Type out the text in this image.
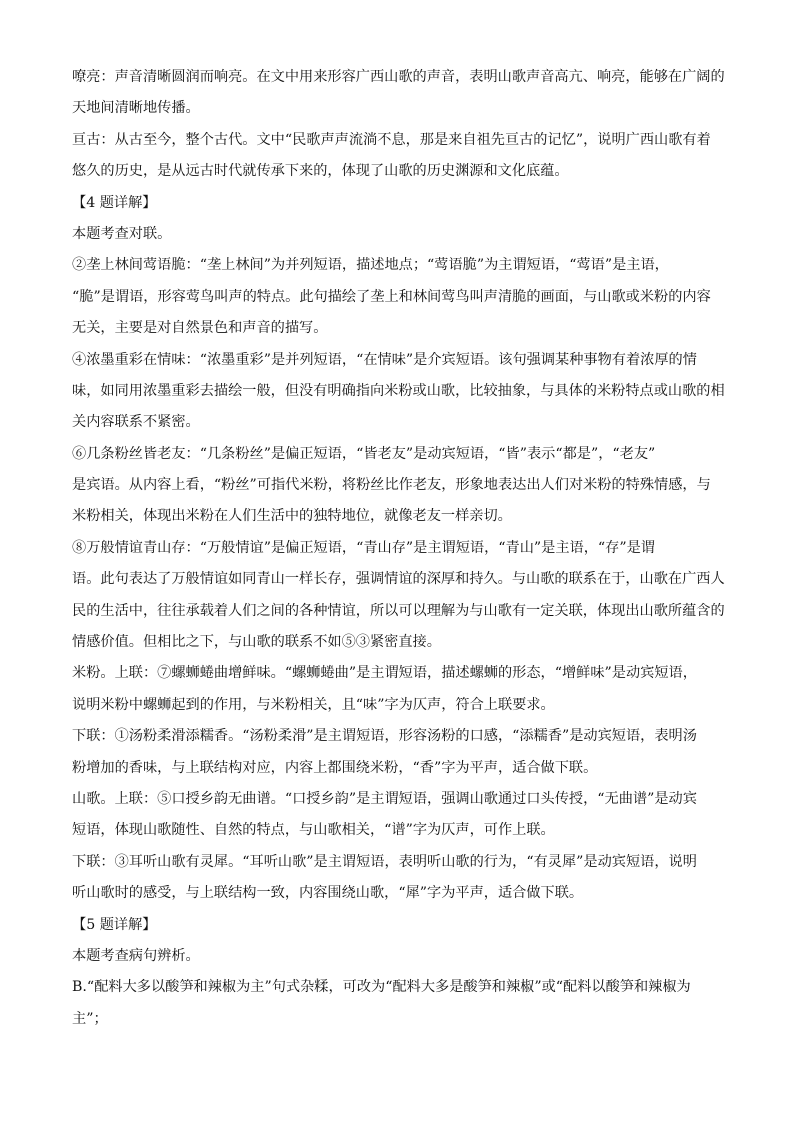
嘹亮：声音清晰圆润而响亮。在文中用来形容广西山歌的声音，表明山歌声音高亢、响亮，能够在广阔的
天地间清晰地传播。
亘古：从古至今，整个古代。文中“民歌声声流淌不息，那是来自祖先亘古的记忆”，说明广西山歌有着
悠久的历史，是从远古时代就传承下来的，体现了山歌的历史渊源和文化底蕴。
【4 题详解】
本题考查对联。
②垄上林间莺语脆：“垄上林间”为并列短语，描述地点；“莺语脆”为主谓短语，“莺语”是主语，
“脆”是谓语，形容莺鸟叫声的特点。此句描绘了垄上和林间莺鸟叫声清脆的画面，与山歌或米粉的内容
无关，主要是对自然景色和声音的描写。
④浓墨重彩在情味：“浓墨重彩”是并列短语，“在情味”是介宾短语。该句强调某种事物有着浓厚的情
味，如同用浓墨重彩去描绘一般，但没有明确指向米粉或山歌，比较抽象，与具体的米粉特点或山歌的相
关内容联系不紧密。
⑥几条粉丝皆老友：“几条粉丝”是偏正短语，“皆老友”是动宾短语，“皆”表示“都是”，“老友”
是宾语。从内容上看，“粉丝”可指代米粉，将粉丝比作老友，形象地表达出人们对米粉的特殊情感，与
米粉相关，体现出米粉在人们生活中的独特地位，就像老友一样亲切。
⑧万般情谊青山存：“万般情谊”是偏正短语，“青山存”是主谓短语，“青山”是主语，“存”是谓
语。此句表达了万般情谊如同青山一样长存，强调情谊的深厚和持久。与山歌的联系在于，山歌在广西人
民的生活中，往往承载着人们之间的各种情谊，所以可以理解为与山歌有一定关联，体现出山歌所蕴含的
情感价值。但相比之下，与山歌的联系不如⑤③紧密直接。
米粉。上联：⑦螺蛳蜷曲增鲜味。“螺蛳蜷曲”是主谓短语，描述螺蛳的形态，“增鲜味”是动宾短语，
说明米粉中螺蛳起到的作用，与米粉相关，且“味”字为仄声，符合上联要求。
下联：①汤粉柔滑添糯香。“汤粉柔滑”是主谓短语，形容汤粉的口感，“添糯香”是动宾短语，表明汤
粉增加的香味，与上联结构对应，内容上都围绕米粉，“香”字为平声，适合做下联。
山歌。上联：⑤口授乡韵无曲谱。“口授乡韵”是主谓短语，强调山歌通过口头传授，“无曲谱”是动宾
短语，体现山歌随性、自然的特点，与山歌相关，“谱”字为仄声，可作上联。
下联：③耳听山歌有灵犀。“耳听山歌”是主谓短语，表明听山歌的行为，“有灵犀”是动宾短语，说明
听山歌时的感受，与上联结构一致，内容围绕山歌，“犀”字为平声，适合做下联。
【5 题详解】
本题考查病句辨析。
B.“配料大多以酸笋和辣椒为主”句式杂糅，可改为“配料大多是酸笋和辣椒”或“配料以酸笋和辣椒为
主”；
